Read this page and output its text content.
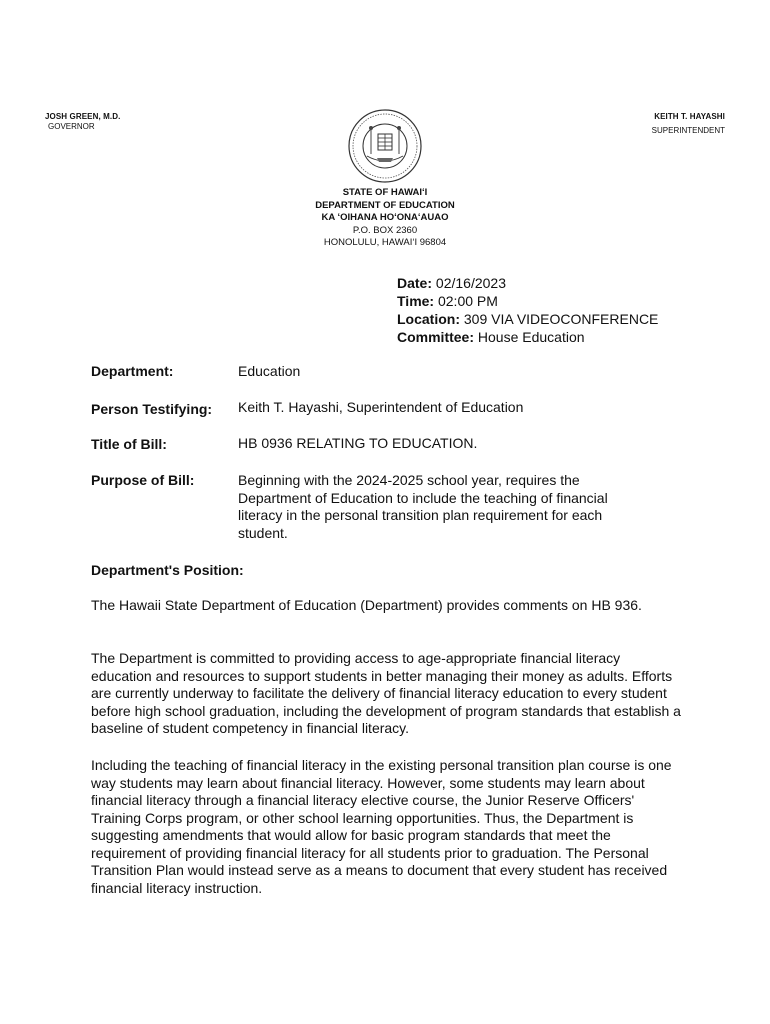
JOSH GREEN, M.D.
GOVERNOR
KEITH T. HAYASHI
SUPERINTENDENT
STATE OF HAWAIʻI
DEPARTMENT OF EDUCATION
KA ʻOIHANA HOʻONAʻAUAO
P.O. BOX 2360
HONOLULU, HAWAIʻI 96804
Date: 02/16/2023
Time: 02:00 PM
Location: 309 VIA VIDEOCONFERENCE
Committee: House Education
Department:	Education
Person Testifying: Keith T. Hayashi, Superintendent of Education
Title of Bill:	HB 0936 RELATING TO EDUCATION.
Purpose of Bill:	Beginning with the 2024-2025 school year, requires the Department of Education to include the teaching of financial literacy in the personal transition plan requirement for each student.
Department's Position:
The Hawaii State Department of Education (Department) provides comments on HB 936.
The Department is committed to providing access to age-appropriate financial literacy education and resources to support students in better managing their money as adults. Efforts are currently underway to facilitate the delivery of financial literacy education to every student before high school graduation, including the development of program standards that establish a baseline of student competency in financial literacy.
Including the teaching of financial literacy in the existing personal transition plan course is one way students may learn about financial literacy. However, some students may learn about financial literacy through a financial literacy elective course, the Junior Reserve Officers' Training Corps program, or other school learning opportunities. Thus, the Department is suggesting amendments that would allow for basic program standards that meet the requirement of providing financial literacy for all students prior to graduation. The Personal Transition Plan would instead serve as a means to document that every student has received financial literacy instruction.
